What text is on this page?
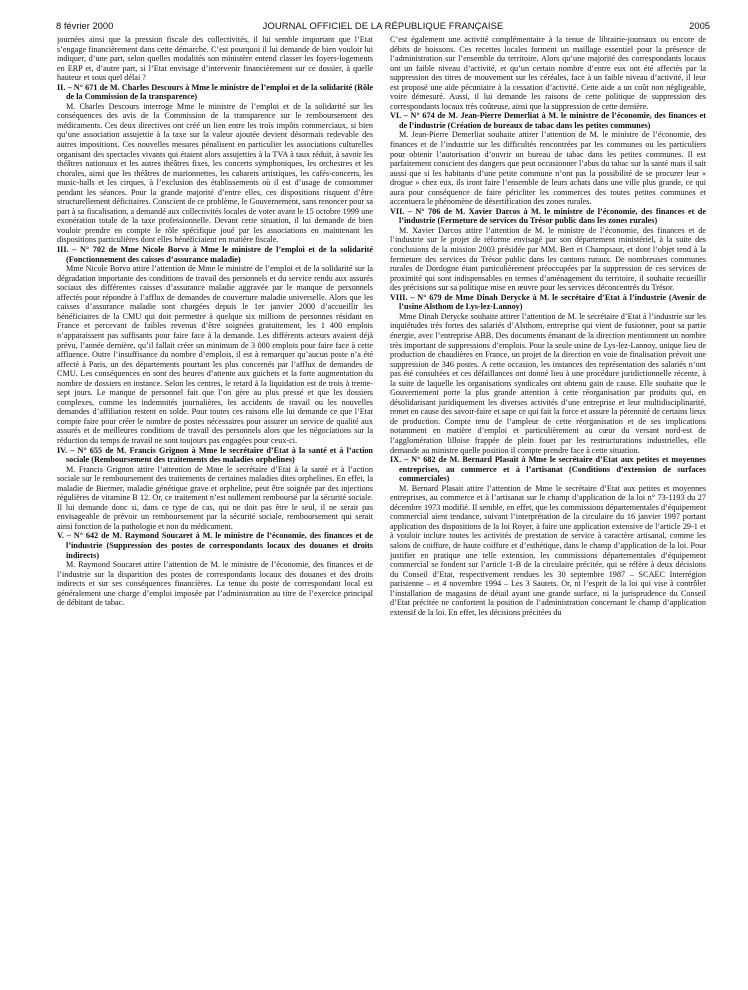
8 février 2000	JOURNAL OFFICIEL DE LA RÉPUBLIQUE FRANÇAISE	2005

journées ainsi que la pression fiscale des collectivités, il lui semble important que l’Etat s’engage financièrement dans cette démarche. C’est pourquoi il lui demande de bien vouloir lui indiquer, d’une part, selon quelles modalités son ministère entend classer les foyers-logements en ERP et, d’autre part, si l’Etat envisage d’intervenir financièrement sur ce dossier, à quelle hauteur et sous quel délai ?

II. – N° 671 de M. Charles Descours à Mme le ministre de l’emploi et de la solidarité (Rôle de la Commission de la transparence)

M. Charles Descours interroge Mme le ministre de l’emploi et de la solidarité sur les conséquences des avis de la Commission de la transparence sur le remboursement des médicaments. Ces deux directives ont créé un lien entre les trois impôts commerciaux, si bien qu’une association assujettie à la taxe sur la valeur ajoutée devient désormais redevable des autres impositions. Ces nouvelles mesures pénalisent en particulier les associations culturelles organisant des spectacles vivants qui étaient alors assujetties à la TVA à taux réduit, à savoir les théâtres nationaux et les autres théâtres fixes, les concerts symphoniques, les orchestres et les chorales, ainsi que les théâtres de marionnettes, les cabarets artistiques, les cafés-concerts, les music-halls et les cirques, à l’exclusion des établissements où il est d’usage de consommer pendant les séances. Pour la grande majorité d’entre elles, ces dispositions risquent d’être structurellement déficitaires. Conscient de ce problème, le Gouvernement, sans renoncer pour sa part à sa fiscalisation, a demandé aux collectivités locales de voter avant le 15 octobre 1999 une exonération totale de la taxe professionnelle. Devant cette situation, il lui demande de bien vouloir prendre en compte le rôle spécifique joué par les associations en maintenant les dispositions particulières dont elles bénéficiaient en matière fiscale.

III. – N° 702 de Mme Nicole Borvo à Mme le ministre de l’emploi et de la solidarité (Fonctionnement des caisses d’assurance maladie)

Mme Nicole Borvo attire l’attention de Mme le ministre de l’emploi et de la solidarité sur la dégradation importante des conditions de travail des personnels et du service rendu aux assurés sociaux des différentes caisses d’assurance maladie aggravée par le manque de personnels affectés pour répondre à l’afflux de demandes de couverture maladie universelle. Alors que les caisses d’assurance maladie sont chargées depuis le 1er janvier 2000 d’accueillir les bénéficiaires de la CMU qui doit permettre à quelque six millions de personnes résidant en France et percevant de faibles revenus d’être soignées gratuitement, les 1 400 emplois n’apparaissent pas suffisants pour faire face à la demande. Les différents acteurs avaient déjà prévu, l’année dernière, qu’il fallait créer un minimum de 3 000 emplois pour faire face à cette affluence. Outre l’insuffisance du nombre d’emplois, il est à remarquer qu’aucun poste n’a été affecté à Paris, un des départements pourtant les plus concernés par l’afflux de demandes de CMU. Les conséquences en sont des heures d’attente aux guichets et la forte augmentation du nombre de dossiers en instance. Selon les centres, le retard à la liquidation est de trois à trente-sept jours. Le manque de personnel fait que l’on gère au plus pressé et que les dossiers complexes, comme les indemnités journalières, les accidents de travail ou les nouvelles demandes d’affiliation restent en solde. Pour toutes ces raisons elle lui demande ce que l’Etat compte faire pour créer le nombre de postes nécessaires pour assurer un service de qualité aux assurés et de meilleures conditions de travail des personnels alors que les négociations sur la réduction du temps de travail ne sont toujours pas engagées pour ceux-ci.

IV. – N° 655 de M. Francis Grignon à Mme le secrétaire d’Etat à la santé et à l’action sociale (Remboursement des traitements des maladies orphelines)

M. Francis Grignon attire l’attention de Mme le secrétaire d’Etat à la santé et à l’action sociale sur le remboursement des traitements de certaines maladies dites orphelines. En effet, la maladie de Biermer, maladie génétique grave et orpheline, peut être soignée par des injections régulières de vitamine B 12. Or, ce traitement n’est nullement remboursé par la sécurité sociale. Il lui demande donc si, dans ce type de cas, qui ne doit pas être le seul, il ne serait pas envisageable de prévoir un remboursement par la sécurité sociale, remboursement qui serait ainsi fonction de la pathologie et non du médicament.

V. – N° 642 de M. Raymond Soucaret à M. le ministre de l’économie, des finances et de l’industrie (Suppression des postes de correspondants locaux des douanes et droits indirects)

M. Raymond Soucaret attire l’attention de M. le ministre de l’économie, des finances et de l’industrie sur la disparition des postes de correspondants locaux des douanes et des droits indirects et sur ses conséquences financières. La tenue du poste de correspondant local est généralement une charge d’emploi imposée par l’administration au titre de l’exercice principal de débitant de tabac.

C’est également une activité complémentaire à la tenue de librairie-journaux ou encore de débits de boissons. Ces recettes locales forment un maillage essentiel pour la présence de l’administration sur l’ensemble du territoire. Alors qu’une majorité des correspondants locaux ont un faible niveau d’activité, et qu’un certain nombre d’entre eux ont été affectés par la suppression des titres de mouvement sur les céréales, face à un faible niveau d’activité, il leur est proposé une aide pécuniaire à la cessation d’activité. Cette aide a un coût non négligeable, voire démesuré. Aussi, il lui demande les raisons de cette politique de suppression des correspondants locaux très coûteuse, ainsi que la suppression de cette dernière.

VI. – N° 674 de M. Jean-Pierre Demerliat à M. le ministre de l’économie, des finances et de l’industrie (Création de bureaux de tabac dans les petites communes)

M. Jean-Pierre Demerliat souhaite attirer l’attention de M. le ministre de l’économie, des finances et de l’industrie sur les difficultés rencontrées par les communes ou les particuliers pour obtenir l’autorisation d’ouvrir un bureau de tabac dans les petites communes. Il est parfaitement conscient des dangers que peut occasionner l’abus du tabac sur la santé mais il sait aussi que si les habitants d’une petite commune n’ont pas la possibilité de se procurer leur « drogue » chez eux, ils iront faire l’ensemble de leurs achats dans une ville plus grande, ce qui aura pour conséquence de faire péricliter les commerces des toutes petites communes et accentuera le phénomène de désertification des zones rurales.

VII. – N° 706 de M. Xavier Darcos à M. le ministre de l’économie, des finances et de l’industrie (Fermeture de services du Trésor public dans les zones rurales)

M. Xavier Darcos attire l’attention de M. le ministre de l’économie, des finances et de l’industrie sur le projet de réforme envisagé par son département ministériel, à la suite des conclusions de la mission 2003 présidée par MM. Bert et Champsaur, et dont l’objet tend à la fermeture des services du Trésor public dans les cantons ruraux. De nombreuses communes rurales de Dordogne étant particulièrement préoccupées par la suppression de ces services de proximité qui sont indispensables en termes d’aménagement du territoire, il souhaite recueillir des précisions sur sa politique mise en œuvre pour les services déconcentrés du Trésor.

VIII. – N° 679 de Mme Dinah Derycke à M. le secrétaire d’Etat à l’industrie (Avenir de l’usine Alsthom de Lys-lez-Lannoy)

Mme Dinah Derycke souhaite attirer l’attention de M. le secrétaire d’Etat à l’industrie sur les inquiétudes très fortes des salariés d’Alsthom, entreprise qui vient de fusionner, pour sa partie énergie, avec l’entreprise ABB. Des documents émanant de la direction mentionnent un nombre très important de suppressions d’emplois. Pour la seule usine de Lys-lez-Lannoy, unique lieu de production de chaudières en France, un projet de la direction en voie de finalisation prévoit une suppression de 346 postes. A cette occasion, les instances des représentation des salariés n’ont pas été consultées et ces défaillances ont donné lieu à une procédure juridictionnelle récente, à la suite de laquelle les organisations syndicales ont obtenu gain de cause. Elle souhaite que le Gouvernement porte la plus grande attention à cette réorganisation par produits qui, en désolidarisant juridiquement les diverses activités d’une entreprise et leur multidisciplinarité, remet en cause des savoir-faire et sape ce qui fait la force et assure la pérennité de certains lieux de production. Compte tenu de l’ampleur de cette réorganisation et de ses implications notamment en matière d’emploi et particulièrement au cœur du versant nord-est de l’agglomération lilloise frappée de plein fouet par les restructurations industrielles, elle demande au ministre quelle position il compte prendre face à cette situation.

IX. – N° 682 de M. Bernard Plasait à Mme le secrétaire d’Etat aux petites et moyennes entreprises, au commerce et à l’artisanat (Conditions d’extension de surfaces commerciales)

M. Bernard Plasait attire l’attention de Mme le secrétaire d’Etat aux petites et moyennes entreprises, au commerce et à l’artisanat sur le champ d’application de la loi n° 73-1193 du 27 décembre 1973 modifié. Il semble, en effet, que les commissions départementales d’équipement commercial aient tendance, suivant l’interprétation de la circulaire du 16 janvier 1997 portant application des dispositions de la loi Royer, à faire une application extensive de l’article 29-1 et à vouloir inclure toutes les activités de prestation de service à caractère artisanal, comme les salons de coiffure, de haute coiffure et d’esthétique, dans le champ d’application de la loi. Pour justifier en pratique une telle extension, les commissions départementales d’équipement commercial se fondent sur l’article 1-B de la circulaire précitée, qui se réfère à deux décisions du Conseil d’Etat, respectivement rendues les 30 septembre 1987 – SCAEC Interrégion parisienne – et 4 novembre 1994 – Les 3 Sautets. Or, ni l’esprit de la loi qui vise à contrôler l’installation de magasins de détail ayant une grande surface, ni la jurisprudence du Conseil d’Etat précitée ne confortent la position de l’administration concernant le champ d’application extensif de la loi. En effet, les décisions précitées du
